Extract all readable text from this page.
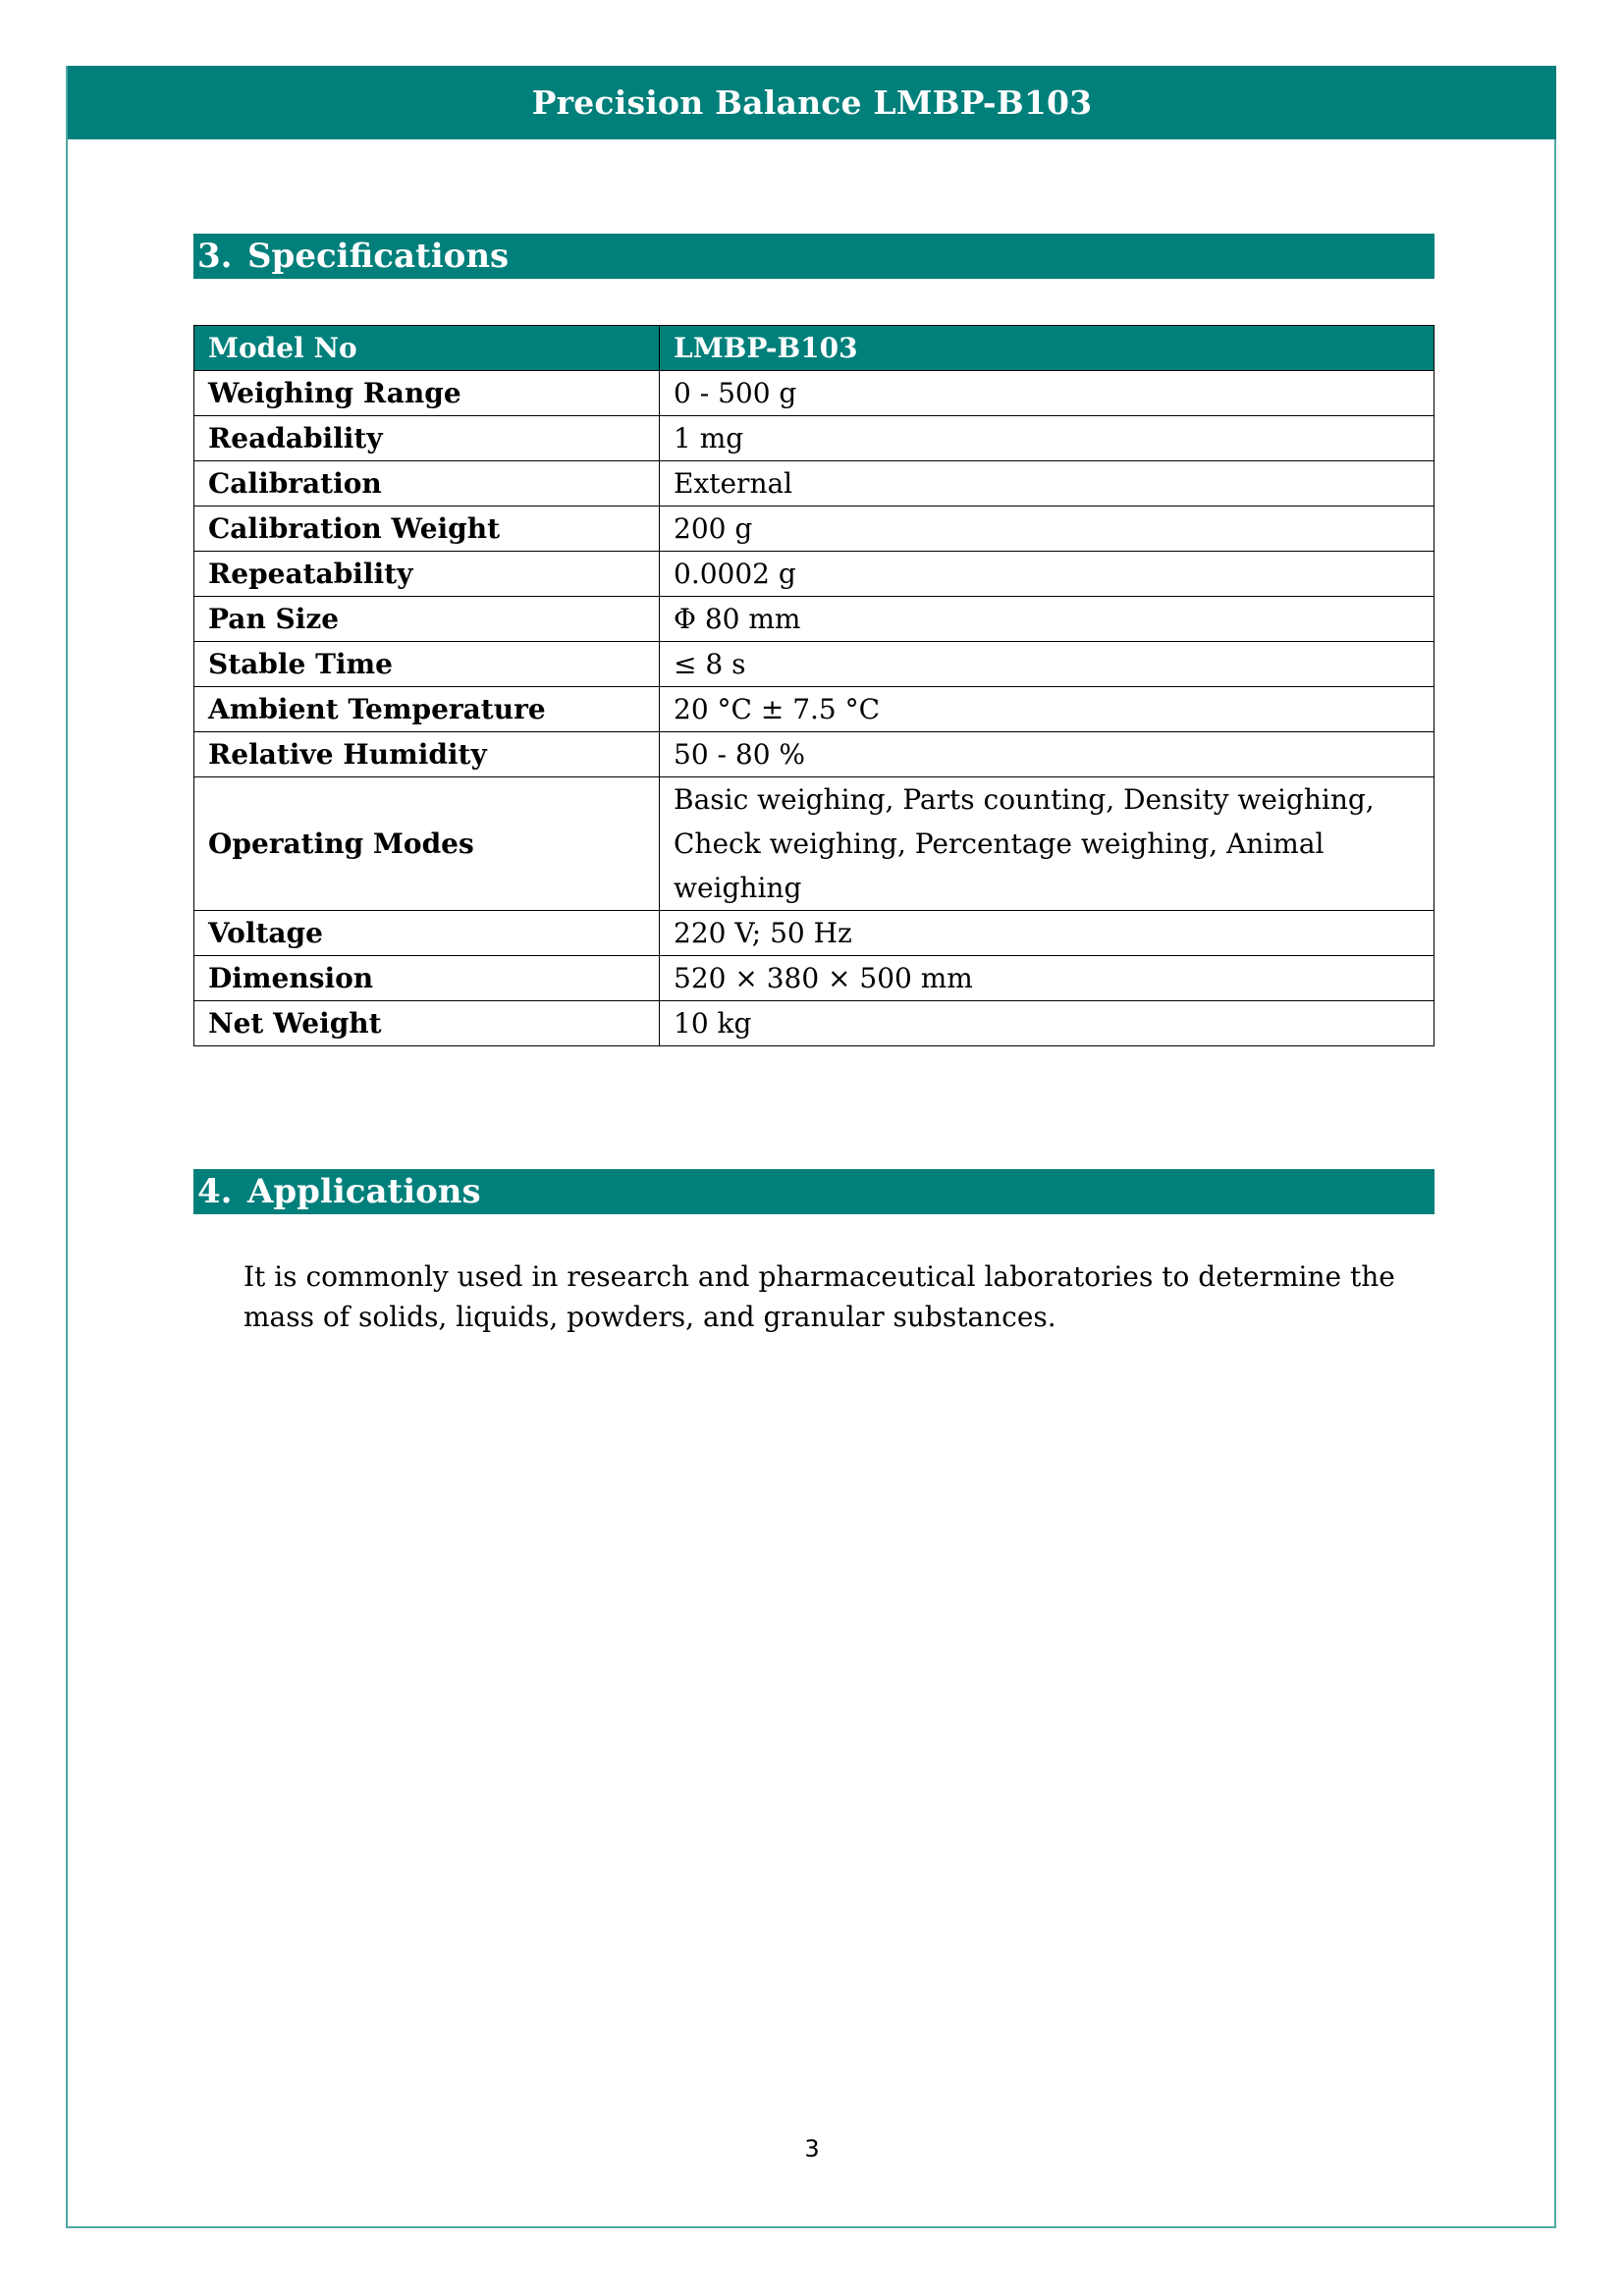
Precision Balance LMBP-B103
3. Specifications
Model No	LMBP-B103
Weighing Range	0 - 500 g
Readability	1 mg
Calibration	External
Calibration Weight	200 g
Repeatability	0.0002 g
Pan Size	Φ 80 mm
Stable Time	≤ 8 s
Ambient Temperature	20 °C ± 7.5 °C
Relative Humidity	50 - 80 %
Operating Modes	Basic weighing, Parts counting, Density weighing, Check weighing, Percentage weighing, Animal weighing
Voltage	220 V; 50 Hz
Dimension	520 × 380 × 500 mm
Net Weight	10 kg
4. Applications
It is commonly used in research and pharmaceutical laboratories to determine the mass of solids, liquids, powders, and granular substances.
3
